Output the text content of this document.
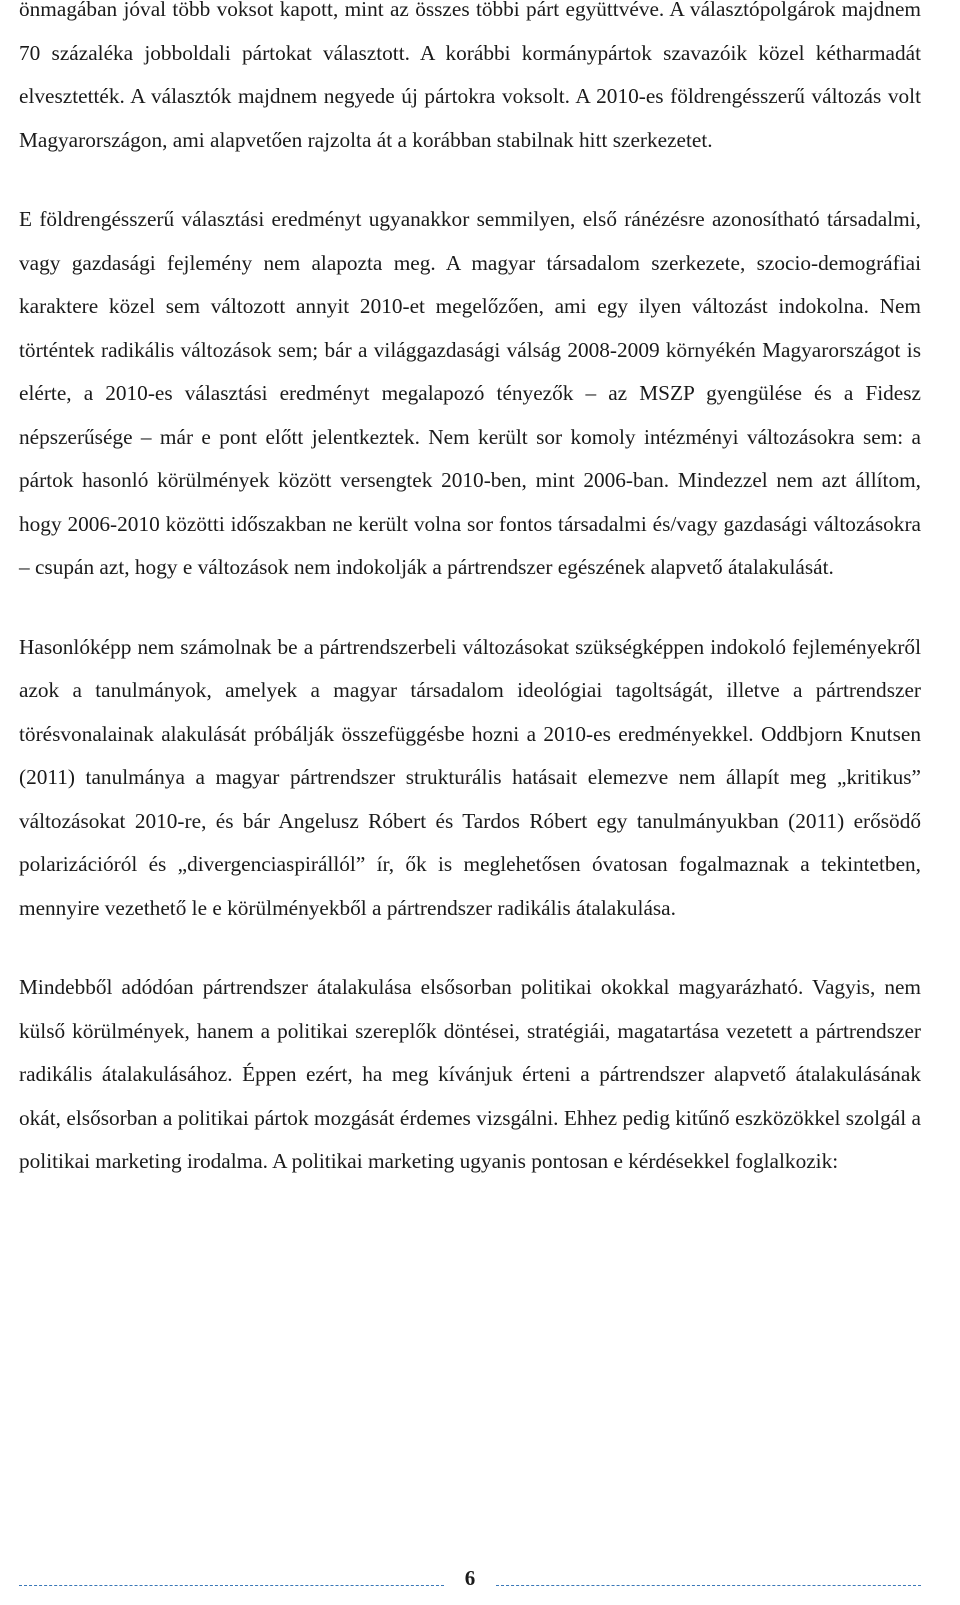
önmagában jóval több voksot kapott, mint az összes többi párt együttvéve. A választópolgárok majdnem 70 százaléka jobboldali pártokat választott. A korábbi kormánypártok szavazóik közel kétharmadát elvesztették. A választók majdnem negyede új pártokra voksolt. A 2010-es földrengésszerű változás volt Magyarországon, ami alapvetően rajzolta át a korábban stabilnak hitt szerkezetet.

E földrengésszerű választási eredményt ugyanakkor semmilyen, első ránézésre azonosítható társadalmi, vagy gazdasági fejlemény nem alapozta meg. A magyar társadalom szerkezete, szocio-demográfiai karaktere közel sem változott annyit 2010-et megelőzően, ami egy ilyen változást indokolna. Nem történtek radikális változások sem; bár a világgazdasági válság 2008-2009 környékén Magyarországot is elérte, a 2010-es választási eredményt megalapozó tényezők – az MSZP gyengülése és a Fidesz népszerűsége – már e pont előtt jelentkeztek. Nem került sor komoly intézményi változásokra sem: a pártok hasonló körülmények között versengtek 2010-ben, mint 2006-ban. Mindezzel nem azt állítom, hogy 2006-2010 közötti időszakban ne került volna sor fontos társadalmi és/vagy gazdasági változásokra – csupán azt, hogy e változások nem indokolják a pártrendszer egészének alapvető átalakulását.

Hasonlóképp nem számolnak be a pártrendszerbeli változásokat szükségképpen indokoló fejleményekről azok a tanulmányok, amelyek a magyar társadalom ideológiai tagoltságát, illetve a pártrendszer törésvonalainak alakulását próbálják összefüggésbe hozni a 2010-es eredményekkel. Oddbjorn Knutsen (2011) tanulmánya a magyar pártrendszer strukturális hatásait elemezve nem állapít meg „kritikus” változásokat 2010-re, és bár Angelusz Róbert és Tardos Róbert egy tanulmányukban (2011) erősödő polarizációról és „divergenciaspirállól” ír, ők is meglehetősen óvatosan fogalmaznak a tekintetben, mennyire vezethető le e körülményekből a pártrendszer radikális átalakulása.

Mindebből adódóan pártrendszer átalakulása elsősorban politikai okokkal magyarázható. Vagyis, nem külső körülmények, hanem a politikai szereplők döntései, stratégiái, magatartása vezetett a pártrendszer radikális átalakulásához. Éppen ezért, ha meg kívánjuk érteni a pártrendszer alapvető átalakulásának okát, elsősorban a politikai pártok mozgását érdemes vizsgálni. Ehhez pedig kitűnő eszközökkel szolgál a politikai marketing irodalma. A politikai marketing ugyanis pontosan e kérdésekkel foglalkozik:

6
